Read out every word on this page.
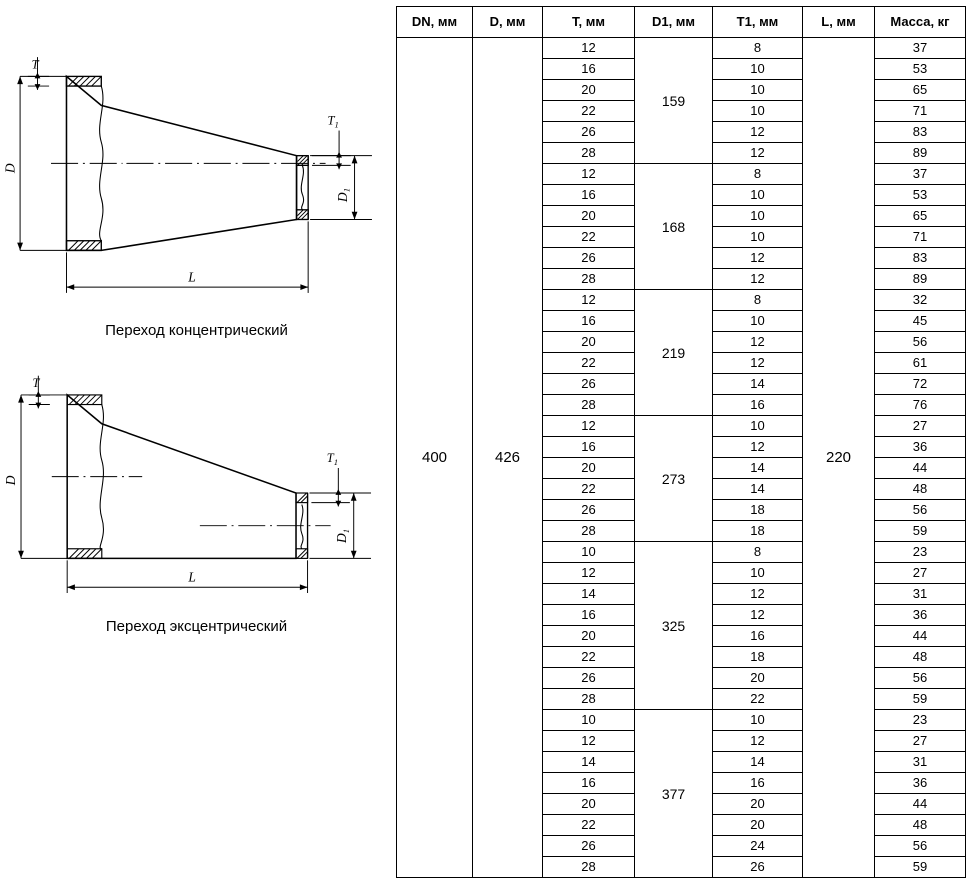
T
$T_1$
D
$D_1$
L
Переход концентрический
T
$T_1$
D
$D_1$
L
Переход эксцентрический
DN, мм	D, мм	T, мм	D1, мм	T1, мм	L, мм	Масса, кг
400	426	12	159	8	220	37
		16		10		53
		20		10		65
		22		10		71
		26		12		83
		28		12		89
		12	168	8		37
		16		10		53
		20		10		65
		22		10		71
		26		12		83
		28		12		89
		12	219	8		32
		16		10		45
		20		12		56
		22		12		61
		26		14		72
		28		16		76
		12	273	10		27
		16		12		36
		20		14		44
		22		14		48
		26		18		56
		28		18		59
		10	325	8		23
		12		10		27
		14		12		31
		16		12		36
		20		16		44
		22		18		48
		26		20		56
		28		22		59
		10	377	10		23
		12		12		27
		14		14		31
		16		16		36
		20		20		44
		22		20		48
		26		24		56
		28		26		59
